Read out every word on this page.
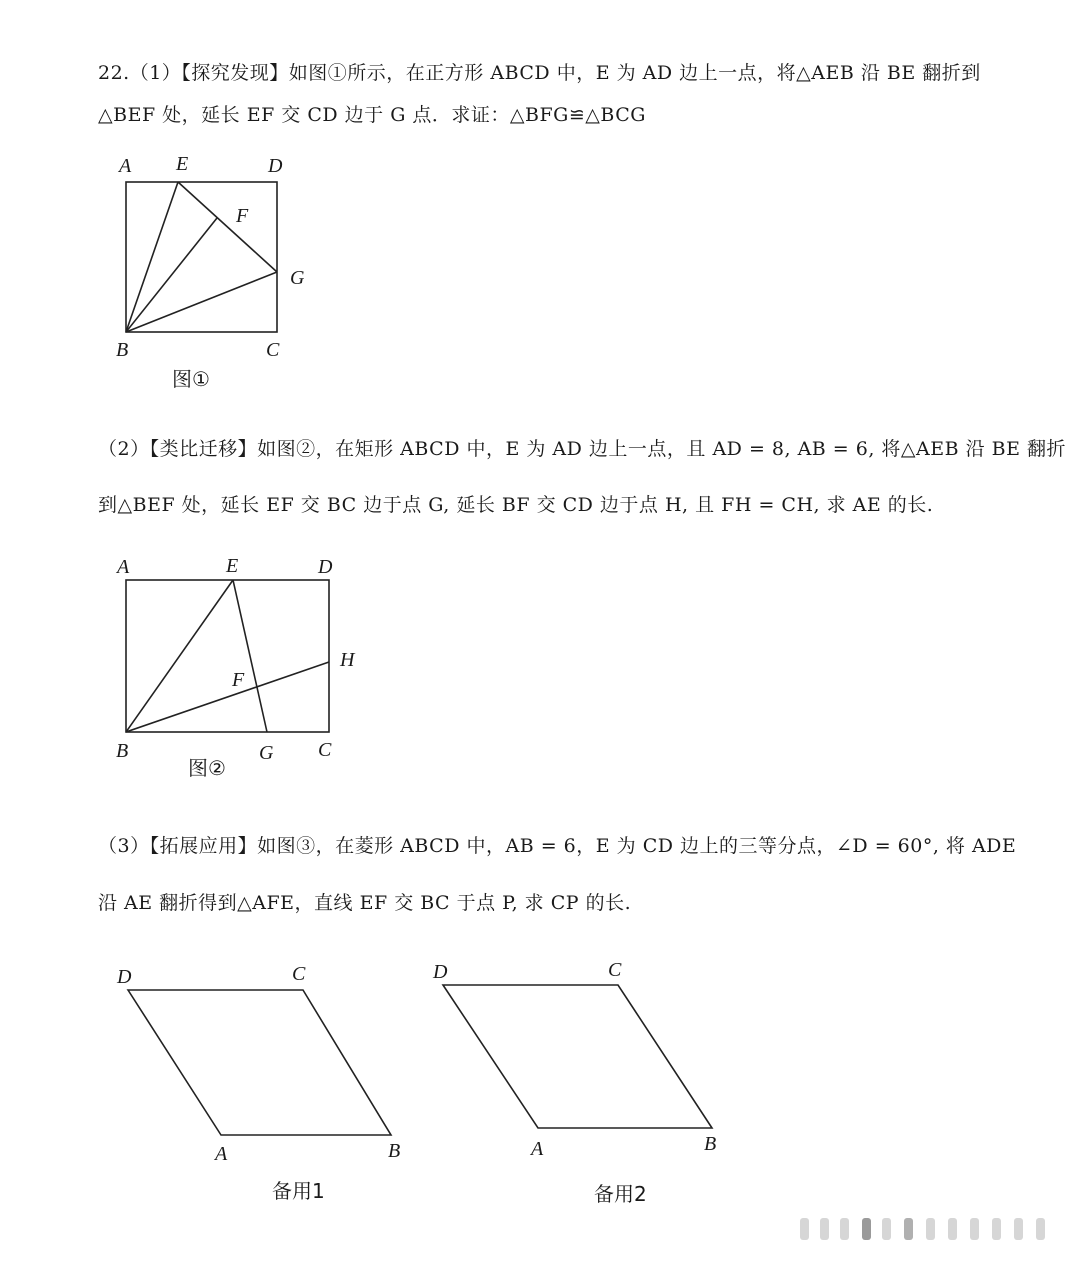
22.（1）【探究发现】如图①所示，在正方形 ABCD 中，E 为 AD 边上一点，将△AEB 沿 BE 翻折到
△BEF 处，延长 EF 交 CD 边于 G 点．求证：△BFG≌△BCG
（2）【类比迁移】如图②，在矩形 ABCD 中，E 为 AD 边上一点，且 AD = 8, AB = 6, 将△AEB 沿 BE 翻折
到△BEF 处，延长 EF 交 BC 边于点 G, 延长 BF 交 CD 边于点 H, 且 FH = CH, 求 AE 的长.
（3）【拓展应用】如图③，在菱形 ABCD 中，AB = 6，E 为 CD 边上的三等分点，∠D = 60°, 将 ADE
沿 AE 翻折得到△AFE，直线 EF 交 BC 于点 P, 求 CP 的长.
A E	D
F
G
B	C
图①
A	E	D
H
F
B	G C
图②
D	C
A	B
备用1
D	C
A	B
备用2
